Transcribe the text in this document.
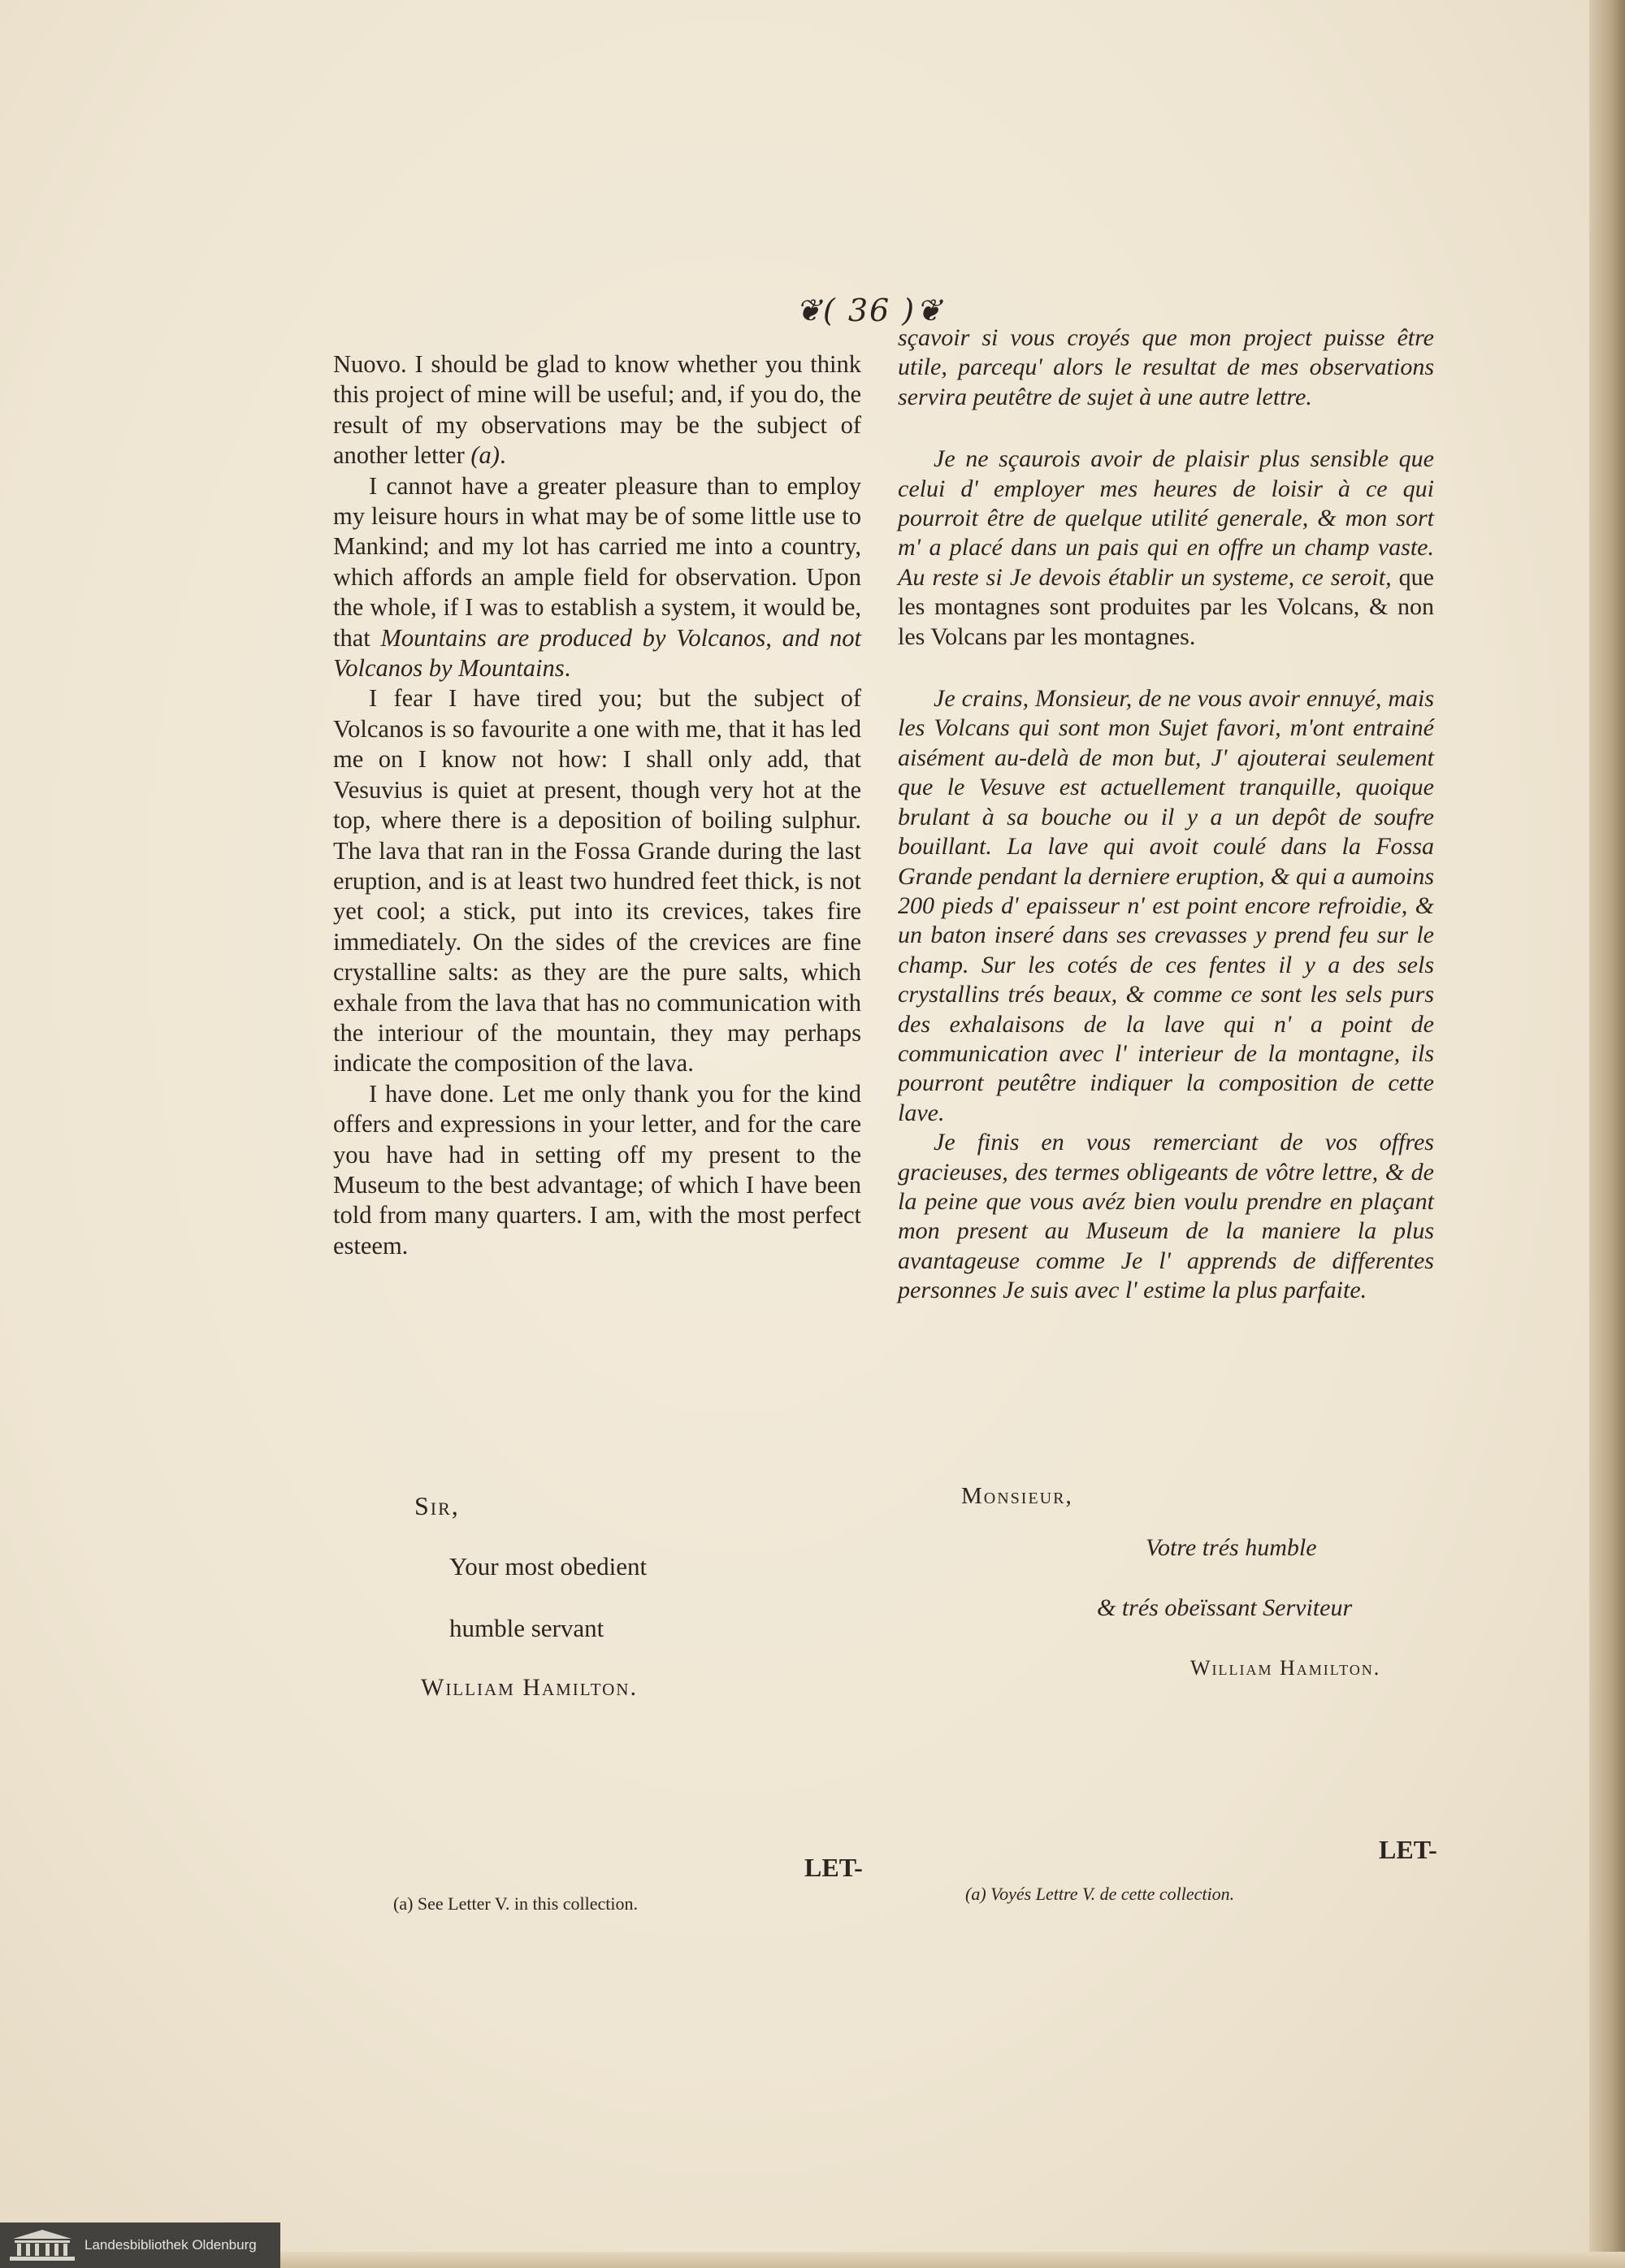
❦( 36 )❦

Nuovo. I should be glad to know whether you think this project of mine will be useful; and, if you do, the result of my observations may be the subject of another letter (a).

I cannot have a greater pleasure than to employ my leisure hours in what may be of some little use to Mankind; and my lot has carried me into a country, which affords an ample field for observation. Upon the whole, if I was to establish a system, it would be, that Mountains are produced by Volcanos, and not Volcanos by Mountains.

I fear I have tired you; but the subject of Volcanos is so favourite a one with me, that it has led me on I know not how: I shall only add, that Vesuvius is quiet at present, though very hot at the top, where there is a deposition of boiling sulphur. The lava that ran in the Fossa Grande during the last eruption, and is at least two hundred feet thick, is not yet cool; a stick, put into its crevices, takes fire immediately. On the sides of the crevices are fine crystalline salts: as they are the pure salts, which exhale from the lava that has no communication with the interiour of the mountain, they may perhaps indicate the composition of the lava.

I have done. Let me only thank you for the kind offers and expressions in your letter, and for the care you have had in setting off my present to the Museum to the best advantage; of which I have been told from many quarters. I am, with the most perfect esteem.

sçavoir si vous croyés que mon project puisse être utile, parcequ' alors le resultat de mes observations servira peutêtre de sujet à une autre lettre.

Je ne sçaurois avoir de plaisir plus sensible que celui d' employer mes heures de loisir à ce qui pourroit être de quelque utilité generale, & mon sort m' a placé dans un pais qui en offre un champ vaste. Au reste si Je devois établir un systeme, ce seroit, que les montagnes sont produites par les Volcans, & non les Volcans par les montagnes.

Je crains, Monsieur, de ne vous avoir ennuyé, mais les Volcans qui sont mon Sujet favori, m'ont entrainé aisément au-delà de mon but, J' ajouterai seulement que le Vesuve est actuellement tranquille, quoique brulant à sa bouche ou il y a un depôt de soufre bouillant. La lave qui avoit coulé dans la Fossa Grande pendant la derniere eruption, & qui a aumoins 200 pieds d' epaisseur n' est point encore refroidie, & un baton inseré dans ses crevasses y prend feu sur le champ. Sur les cotés de ces fentes il y a des sels crystallins trés beaux, & comme ce sont les sels purs des exhalaisons de la lave qui n' a point de communication avec l' interieur de la montagne, ils pourront peutêtre indiquer la composition de cette lave.

Je finis en vous remerciant de vos offres gracieuses, des termes obligeants de vôtre lettre, & de la peine que vous avéz bien voulu prendre en plaçant mon present au Museum de la maniere la plus avantageuse comme Je l' apprends de differentes personnes Je suis avec l' estime la plus parfaite.

Sir,
Your most obedient
humble servant
William Hamilton.
Monsieur,
Votre trés humble
& trés obeïssant Serviteur
William Hamilton.
LET-
LET-
(a) See Letter V. in this collection.	(a) Voyés Lettre V. de cette collection.
Landesbibliothek Oldenburg
